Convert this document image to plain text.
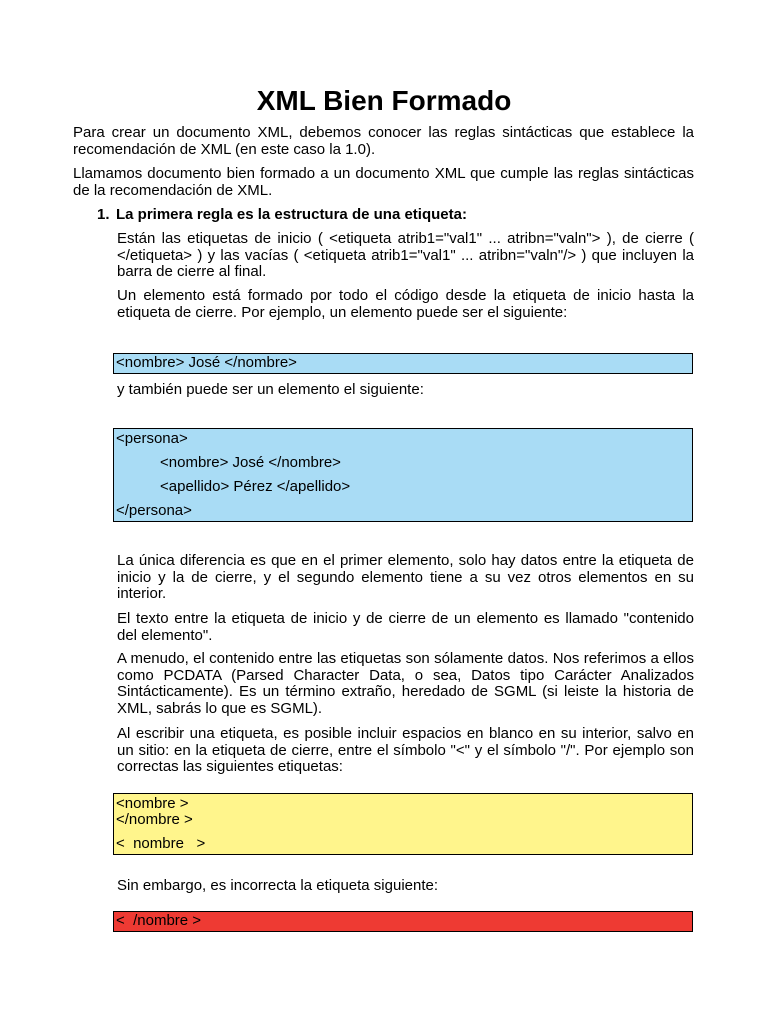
XML Bien Formado

Para crear un documento XML, debemos conocer las reglas sintácticas que establece la recomendación de XML (en este caso la 1.0).

Llamamos documento bien formado a un documento XML que cumple las reglas sintácticas de la recomendación de XML.

1. La primera regla es la estructura de una etiqueta:

Están las etiquetas de inicio ( <etiqueta atrib1="val1" ... atribn="valn"> ), de cierre ( </etiqueta> ) y las vacías ( <etiqueta atrib1="val1" ... atribn="valn"/> ) que incluyen la barra de cierre al final.

Un elemento está formado por todo el código desde la etiqueta de inicio hasta la etiqueta de cierre. Por ejemplo, un elemento puede ser el siguiente:

<nombre> José </nombre>

y también puede ser un elemento el siguiente:

<persona>
<nombre> José </nombre>
<apellido> Pérez </apellido>
</persona>

La única diferencia es que en el primer elemento, solo hay datos entre la etiqueta de inicio y la de cierre, y el segundo elemento tiene a su vez otros elementos en su interior.

El texto entre la etiqueta de inicio y de cierre de un elemento es llamado "contenido del elemento".

A menudo, el contenido entre las etiquetas son sólamente datos. Nos referimos a ellos como PCDATA (Parsed Character Data, o sea, Datos tipo Carácter Analizados Sintácticamente). Es un término extraño, heredado de SGML (si leiste la historia de XML, sabrás lo que es SGML).

Al escribir una etiqueta, es posible incluir espacios en blanco en su interior, salvo en un sitio: en la etiqueta de cierre, entre el símbolo "<" y el símbolo "/". Por ejemplo son correctas las siguientes etiquetas:

<nombre >
</nombre >
<  nombre   >

Sin embargo, es incorrecta la etiqueta siguiente:

<  /nombre >
